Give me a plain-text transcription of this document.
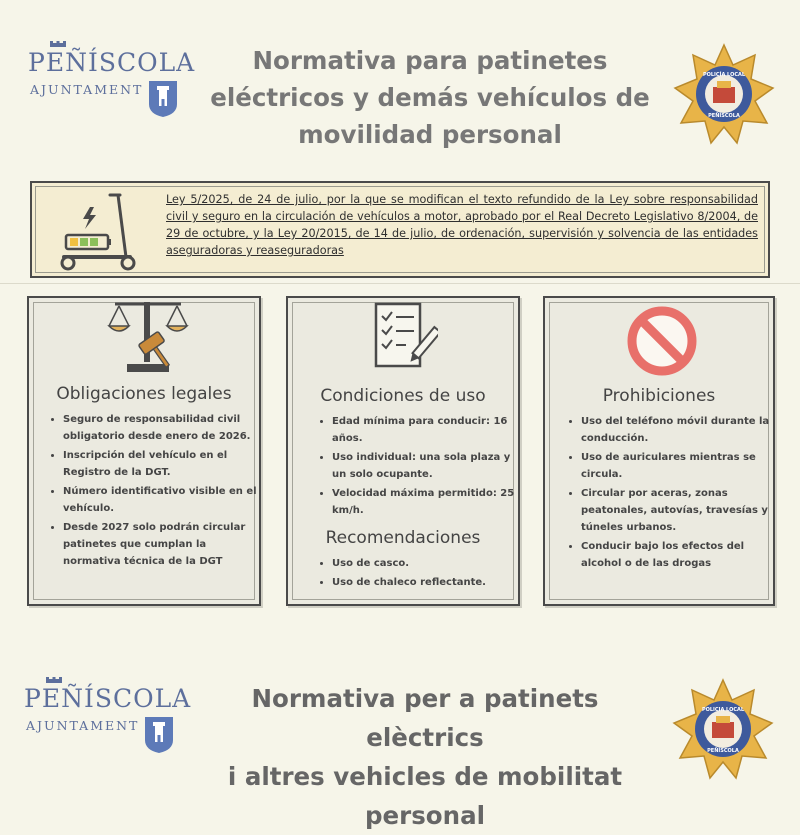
PEÑÍSCOLA
AJUNTAMENT
Normativa para patinetes
eléctricos y demás vehículos de
movilidad personal
POLICÍA LOCAL
PEÑÍSCOLA
Ley 5/2025, de 24 de julio, por la que se modifican el texto refundido de la Ley sobre responsabilidad civil y seguro en la circulación de vehículos a motor, aprobado por el Real Decreto Legislativo 8/2004, de 29 de octubre, y la Ley 20/2015, de 14 de julio, de ordenación, supervisión y solvencia de las entidades aseguradoras y reaseguradoras
Obligaciones legales
• Seguro de responsabilidad civil obligatorio desde enero de 2026.
• Inscripción del vehículo en el Registro de la DGT.
• Número identificativo visible en el vehículo.
• Desde 2027 solo podrán circular patinetes que cumplan la normativa técnica de la DGT
Condiciones de uso
• Edad mínima para conducir: 16 años.
• Uso individual: una sola plaza y un solo ocupante.
• Velocidad máxima permitido: 25 km/h.
Recomendaciones
• Uso de casco.
• Uso de chaleco reflectante.
Prohibiciones
• Uso del teléfono móvil durante la conducción.
• Uso de auriculares mientras se circula.
• Circular por aceras, zonas peatonales, autovías, travesías y túneles urbanos.
• Conducir bajo los efectos del alcohol o de las drogas
PEÑÍSCOLA
AJUNTAMENT
Normativa per a patinets elèctrics
i altres vehicles de mobilitat
personal
POLICIA LOCAL
PEÑÍSCOLA
